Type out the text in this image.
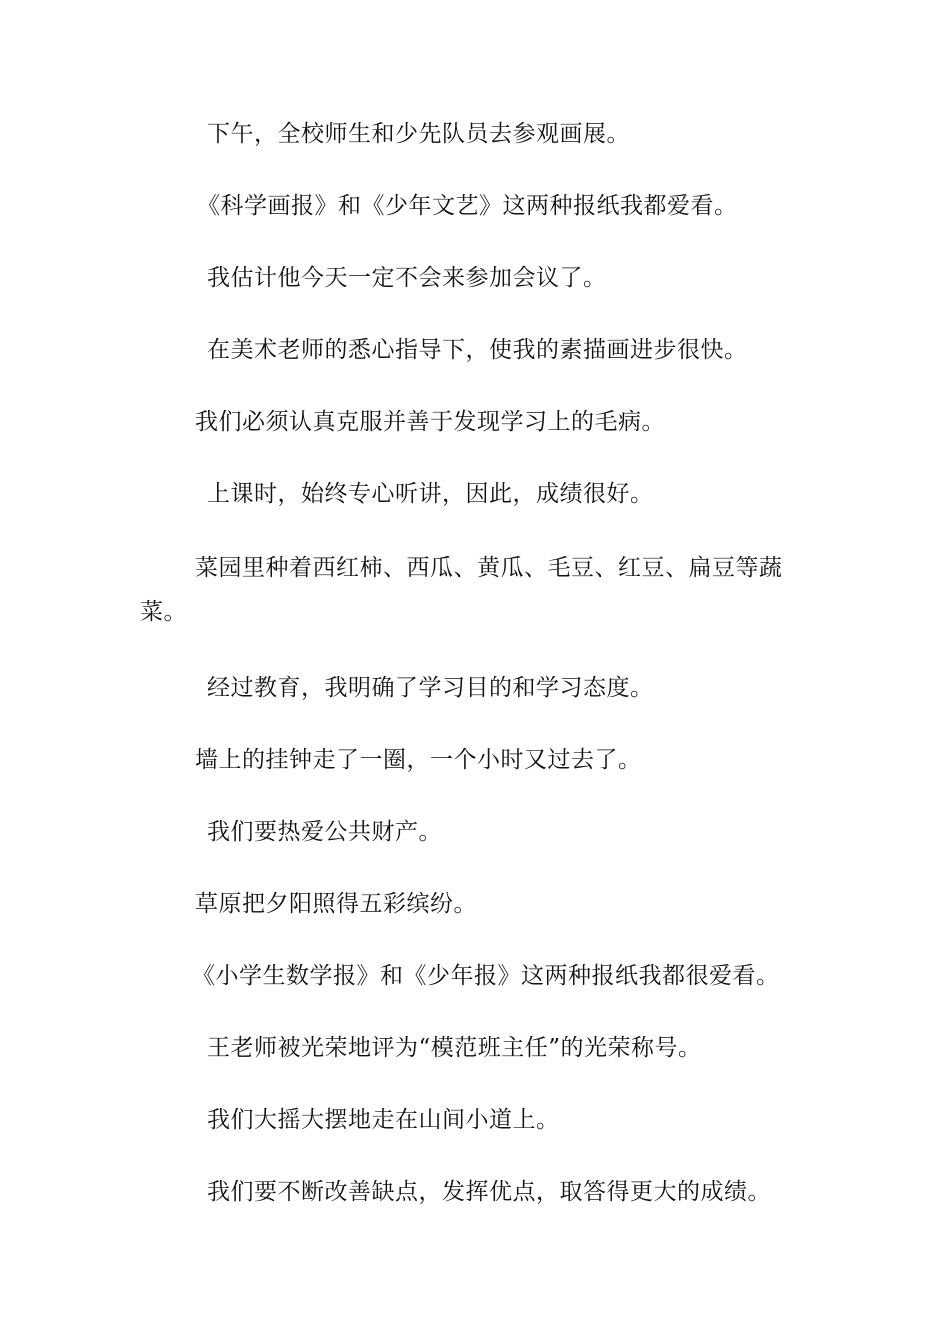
下午，全校师生和少先队员去参观画展。
《科学画报》和《少年文艺》这两种报纸我都爱看。
我估计他今天一定不会来参加会议了。
在美术老师的悉心指导下，使我的素描画进步很快。
我们必须认真克服并善于发现学习上的毛病。
上课时，始终专心听讲，因此，成绩很好。
菜园里种着西红柿、西瓜、黄瓜、毛豆、红豆、扁豆等蔬菜。
经过教育，我明确了学习目的和学习态度。
墙上的挂钟走了一圈，一个小时又过去了。
我们要热爱公共财产。
草原把夕阳照得五彩缤纷。
《小学生数学报》和《少年报》这两种报纸我都很爱看。
王老师被光荣地评为“模范班主任”的光荣称号。
我们大摇大摆地走在山间小道上。
我们要不断改善缺点，发挥优点，取答得更大的成绩。
